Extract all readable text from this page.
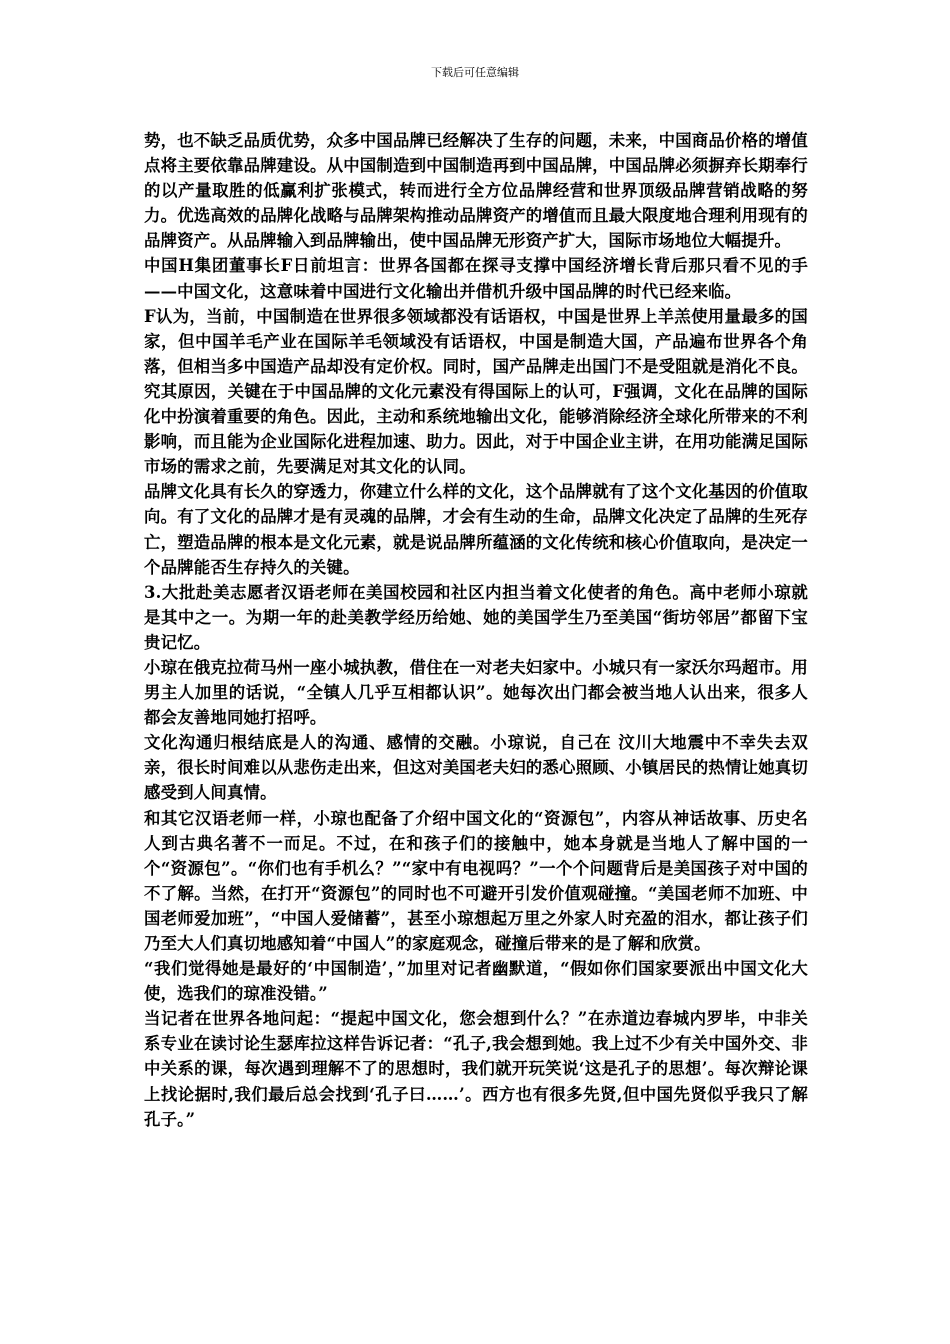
下载后可任意编辑

势，也不缺乏品质优势，众多中国品牌已经解决了生存的问题，未来，中国商品价格的增值点将主要依靠品牌建设。从中国制造到中国制造再到中国品牌，中国品牌必须摒弃长期奉行的以产量取胜的低赢利扩张模式，转而进行全方位品牌经营和世界顶级品牌营销战略的努力。优选高效的品牌化战略与品牌架构推动品牌资产的增值而且最大限度地合理利用现有的品牌资产。从品牌输入到品牌输出，使中国品牌无形资产扩大，国际市场地位大幅提升。

中国H集团董事长F日前坦言：世界各国都在探寻支撑中国经济增长背后那只看不见的手——中国文化，这意味着中国进行文化输出并借机升级中国品牌的时代已经来临。

F认为，当前，中国制造在世界很多领域都没有话语权，中国是世界上羊羔使用量最多的国家，但中国羊毛产业在国际羊毛领域没有话语权，中国是制造大国，产品遍布世界各个角落，但相当多中国造产品却没有定价权。同时，国产品牌走出国门不是受阻就是消化不良。究其原因，关键在于中国品牌的文化元素没有得国际上的认可，F强调，文化在品牌的国际化中扮演着重要的角色。因此，主动和系统地输出文化，能够消除经济全球化所带来的不利影响，而且能为企业国际化进程加速、助力。因此，对于中国企业主讲，在用功能满足国际市场的需求之前，先要满足对其文化的认同。

品牌文化具有长久的穿透力，你建立什么样的文化，这个品牌就有了这个文化基因的价值取向。有了文化的品牌才是有灵魂的品牌，才会有生动的生命，品牌文化决定了品牌的生死存亡，塑造品牌的根本是文化元素，就是说品牌所蕴涵的文化传统和核心价值取向，是决定一个品牌能否生存持久的关键。

3.大批赴美志愿者汉语老师在美国校园和社区内担当着文化使者的角色。高中老师小琼就是其中之一。为期一年的赴美教学经历给她、她的美国学生乃至美国“街坊邻居”都留下宝贵记忆。

小琼在俄克拉荷马州一座小城执教，借住在一对老夫妇家中。小城只有一家沃尔玛超市。用男主人加里的话说，“全镇人几乎互相都认识”。她每次出门都会被当地人认出来，很多人都会友善地同她打招呼。

文化沟通归根结底是人的沟通、感情的交融。小琼说，自己在 汶川大地震中不幸失去双亲，很长时间难以从悲伤走出来，但这对美国老夫妇的悉心照顾、小镇居民的热情让她真切感受到人间真情。

和其它汉语老师一样，小琼也配备了介绍中国文化的“资源包”，内容从神话故事、历史名人到古典名著不一而足。不过，在和孩子们的接触中，她本身就是当地人了解中国的一个“资源包”。“你们也有手机么？”“家中有电视吗？”一个个问题背后是美国孩子对中国的不了解。当然，在打开“资源包”的同时也不可避开引发价值观碰撞。“美国老师不加班、中国老师爱加班”，“中国人爱储蓄”，甚至小琼想起万里之外家人时充盈的泪水，都让孩子们乃至大人们真切地感知着“中国人”的家庭观念，碰撞后带来的是了解和欣赏。

“我们觉得她是最好的‘中国制造’，”加里对记者幽默道，“假如你们国家要派出中国文化大使，选我们的琼准没错。”

当记者在世界各地问起：“提起中国文化，您会想到什么？”在赤道边春城内罗毕，中非关系专业在读讨论生瑟库拉这样告诉记者：“孔子,我会想到她。我上过不少有关中国外交、非中关系的课，每次遇到理解不了的思想时，我们就开玩笑说‘这是孔子的思想’。每次辩论课上找论据时,我们最后总会找到‘孔子曰……’。西方也有很多先贤,但中国先贤似乎我只了解孔子。”
